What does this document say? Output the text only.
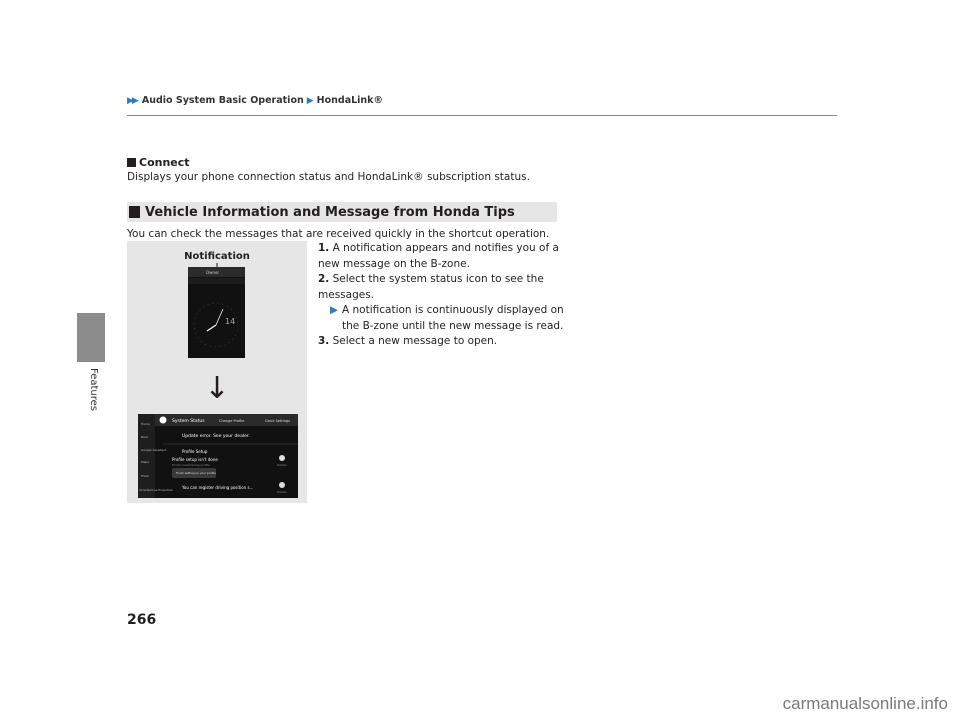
Features
▶▶ Audio System Basic Operation ▶ HondaLink®
Connect
Displays your phone connection status and HondaLink® subscription status.
Vehicle Information and Message from Honda Tips
You can check the messages that are received quickly in the shortcut operation.
Notification
Owner
14
↓
Home
Back
Google Assistant
Maps
HVAC
Smartphone Projection
System Status	Change Profile	Clock Settings
Update error. See your dealer.
Profile Setup
Profile setup isn't done
Finish customizing profile
Finish setting up your profile
Details
You can register driving position s...
Details
1. A notification appears and notifies you of a new message on the B-zone.
2. Select the system status icon to see the messages.
▶ A notification is continuously displayed on the B-zone until the new message is read.
3. Select a new message to open.
266
carmanualsonline.info
